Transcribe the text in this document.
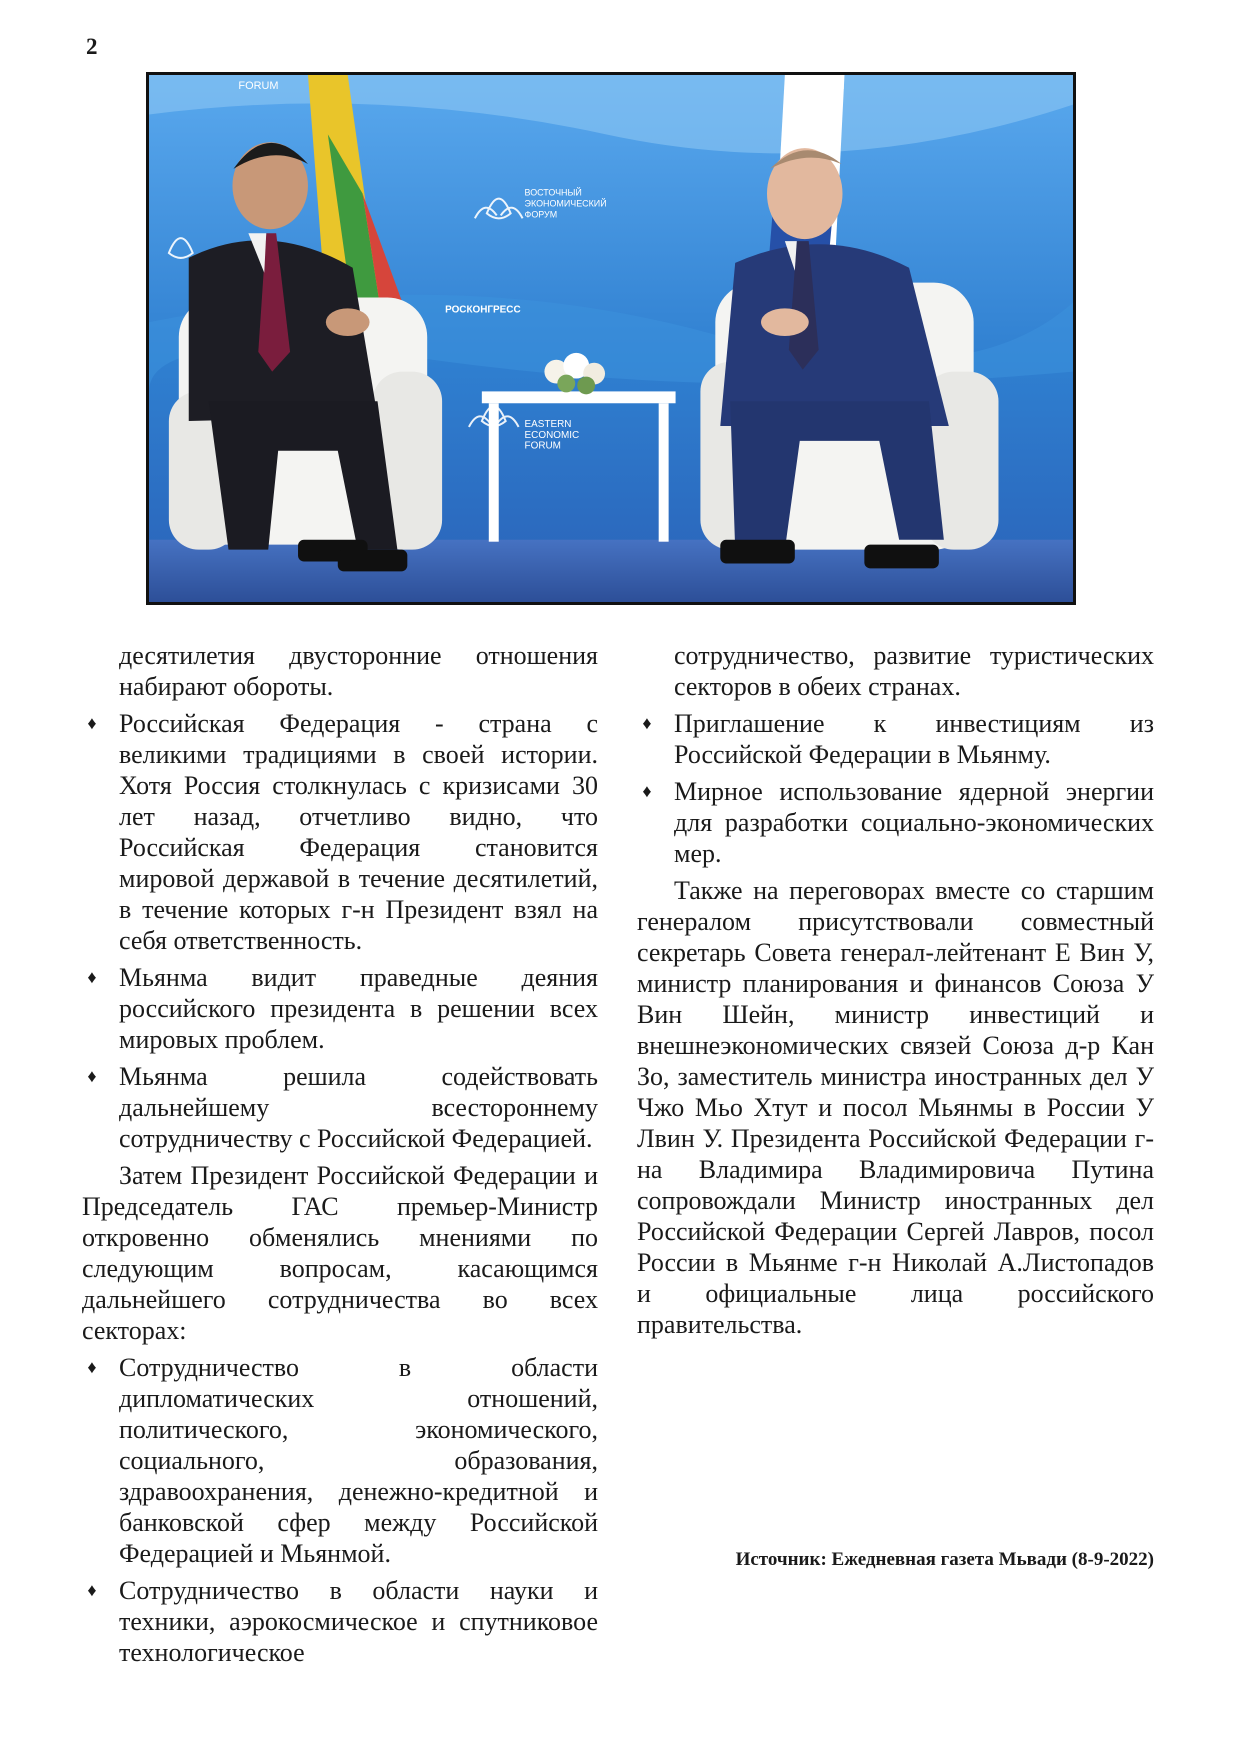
2
FORUM
ВОСТОЧНЫЙ
ЭКОНОМИЧЕСКИЙ
ФОРУМ
РОСКОНГРЕСС
EASTERN
ECONOMIC
FORUM

десятилетия двусторонние отношения набирают обороты.

♦ Российская Федерация - страна с великими традициями в своей истории. Хотя Россия столкнулась с кризисами 30 лет назад, отчетливо видно, что Российская Федерация становится мировой державой в течение десятилетий, в течение которых г-н Президент взял на себя ответственность.
♦ Мьянма видит праведные деяния российского президента в решении всех мировых проблем.
♦ Мьянма решила содействовать дальнейшему всестороннему сотрудничеству с Российской Федерацией.

Затем Президент Российской Федерации и Председатель ГАС премьер-Министр откровенно обменялись мнениями по следующим вопросам, касающимся дальнейшего сотрудничества во всех секторах:

♦ Сотрудничество в области дипломатических отношений, политического, экономического, социального, образования, здравоохранения, денежно-кредитной и банковской сфер между Российской Федерацией и Мьянмой.
♦ Сотрудничество в области науки и техники, аэрокосмическое и спутниковое технологическое

сотрудничество, развитие туристических секторов в обеих странах.

♦ Приглашение к инвестициям из Российской Федерации в Мьянму.
♦ Мирное использование ядерной энергии для разработки социально-экономических мер.

Также на переговорах вместе со старшим генералом присутствовали совместный секретарь Совета генерал-лейтенант Е Вин У, министр планирования и финансов Союза У Вин Шейн, министр инвестиций и внешнеэкономических связей Союза д-р Кан Зо, заместитель министра иностранных дел У Чжо Мьо Хтут и посол Мьянмы в России У Лвин У. Президента Российской Федерации г-на Владимира Владимировича Путина сопровождали Министр иностранных дел Российской Федерации Сергей Лавров, посол России в Мьянме г-н Николай А.Листопадов и официальные лица российского правительства.

Источник: Ежедневная газета Мьвади (8-9-2022)
